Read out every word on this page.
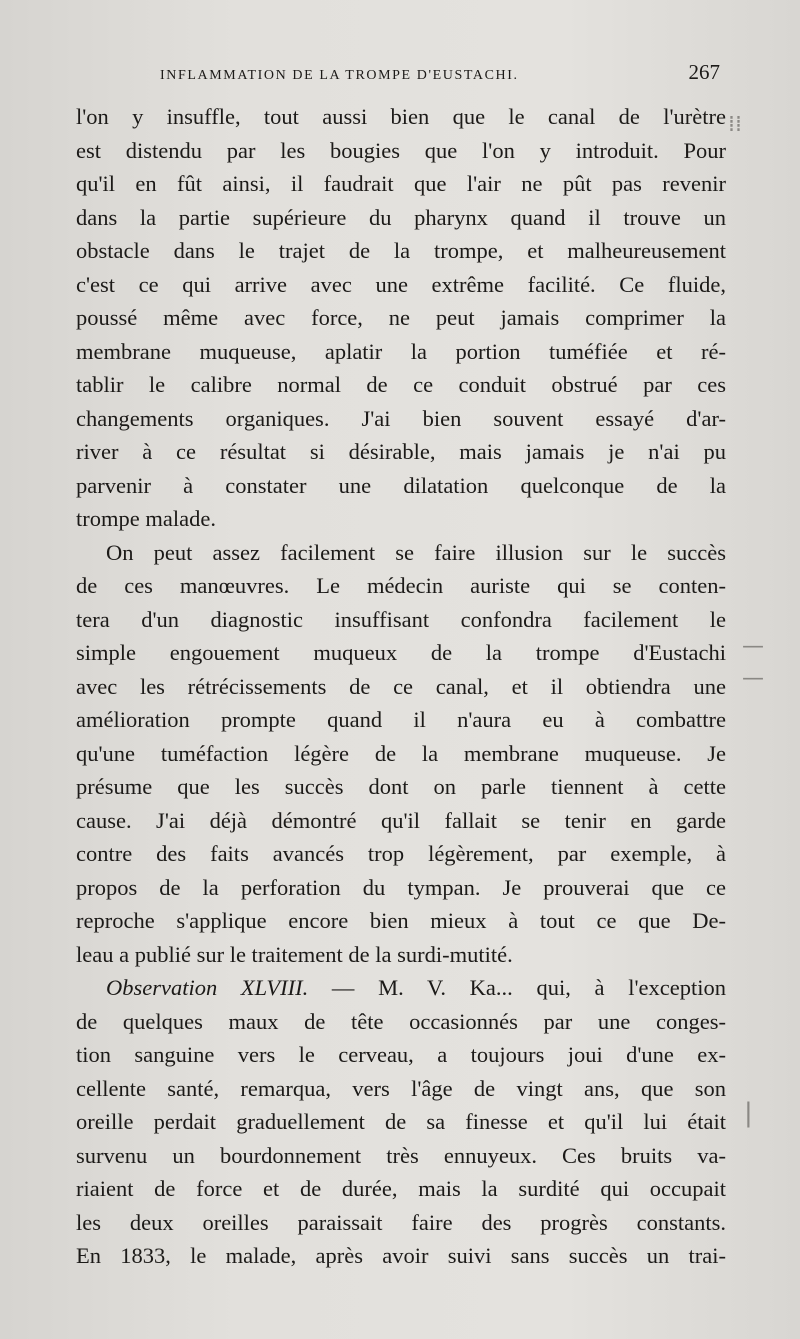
INFLAMMATION DE LA TROMPE D'EUSTACHI.	267
l'on y insuffle, tout aussi bien que le canal de l'urètre
est distendu par les bougies que l'on y introduit. Pour
qu'il en fût ainsi, il faudrait que l'air ne pût pas revenir
dans la partie supérieure du pharynx quand il trouve un
obstacle dans le trajet de la trompe, et malheureusement
c'est ce qui arrive avec une extrême facilité. Ce fluide,
poussé même avec force, ne peut jamais comprimer la
membrane muqueuse, aplatir la portion tuméfiée et ré-
tablir le calibre normal de ce conduit obstrué par ces
changements organiques. J'ai bien souvent essayé d'ar-
river à ce résultat si désirable, mais jamais je n'ai pu
parvenir à constater une dilatation quelconque de la
trompe malade.
On peut assez facilement se faire illusion sur le succès
de ces manœuvres. Le médecin auriste qui se conten-
tera d'un diagnostic insuffisant confondra facilement le
simple engouement muqueux de la trompe d'Eustachi
avec les rétrécissements de ce canal, et il obtiendra une
amélioration prompte quand il n'aura eu à combattre
qu'une tuméfaction légère de la membrane muqueuse. Je
présume que les succès dont on parle tiennent à cette
cause. J'ai déjà démontré qu'il fallait se tenir en garde
contre des faits avancés trop légèrement, par exemple, à
propos de la perforation du tympan. Je prouverai que ce
reproche s'applique encore bien mieux à tout ce que De-
leau a publié sur le traitement de la surdi-mutité.
Observation XLVIII. — M. V. Ka... qui, à l'exception
de quelques maux de tête occasionnés par une conges-
tion sanguine vers le cerveau, a toujours joui d'une ex-
cellente santé, remarqua, vers l'âge de vingt ans, que son
oreille perdait graduellement de sa finesse et qu'il lui était
survenu un bourdonnement très ennuyeux. Ces bruits va-
riaient de force et de durée, mais la surdité qui occupait
les deux oreilles paraissait faire des progrès constants.
En 1833, le malade, après avoir suivi sans succès un trai-
⁞⁞
—
—
|
